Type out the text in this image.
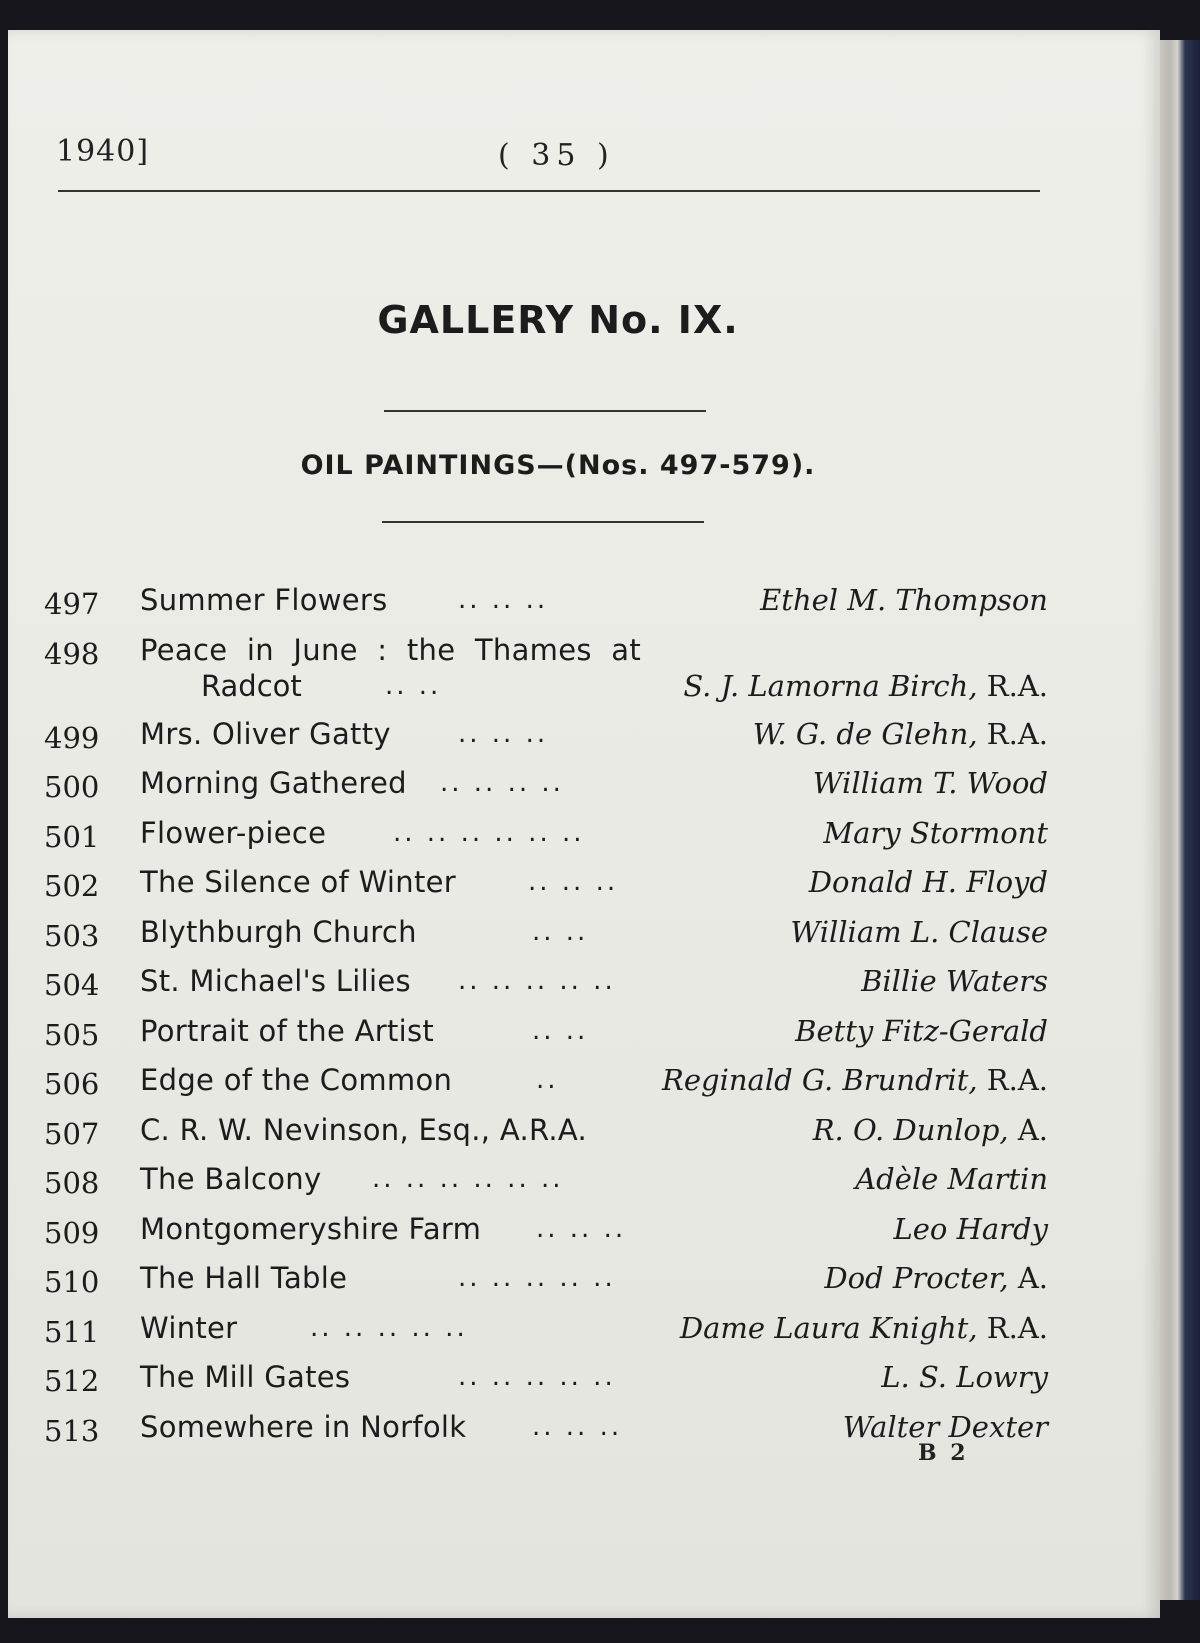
1940]	( 35 )
GALLERY No. IX.
OIL PAINTINGS—(Nos. 497-579).
497	Summer Flowers	.. .. ..	Ethel M. Thompson
498	Peace in June : the Thames at
Radcot	.. ..	S. J. Lamorna Birch, R.A.
499	Mrs. Oliver Gatty	.. .. ..	W. G. de Glehn, R.A.
500	Morning Gathered .. .. .. ..	William T. Wood
501	Flower-piece	.. .. .. .. .. ..	Mary Stormont
502	The Silence of Winter	.. .. ..	Donald H. Floyd
503	Blythburgh Church	.. ..	William L. Clause
504	St. Michael's Lilies .. .. .. .. ..	Billie Waters
505	Portrait of the Artist	.. ..	Betty Fitz-Gerald
506	Edge of the Common	..	Reginald G. Brundrit, R.A.
507	C. R. W. Nevinson, Esq., A.R.A.	R. O. Dunlop, A.
508	The Balcony .. .. .. .. .. ..	Adèle Martin
509	Montgomeryshire Farm .. .. ..	Leo Hardy
510	The Hall Table	.. .. .. .. ..	Dod Procter, A.
511	Winter	.. .. .. .. ..	Dame Laura Knight, R.A.
512	The Mill Gates	.. .. .. .. ..	L. S. Lowry
513	Somewhere in Norfolk	.. .. ..	Walter Dexter
B 2
